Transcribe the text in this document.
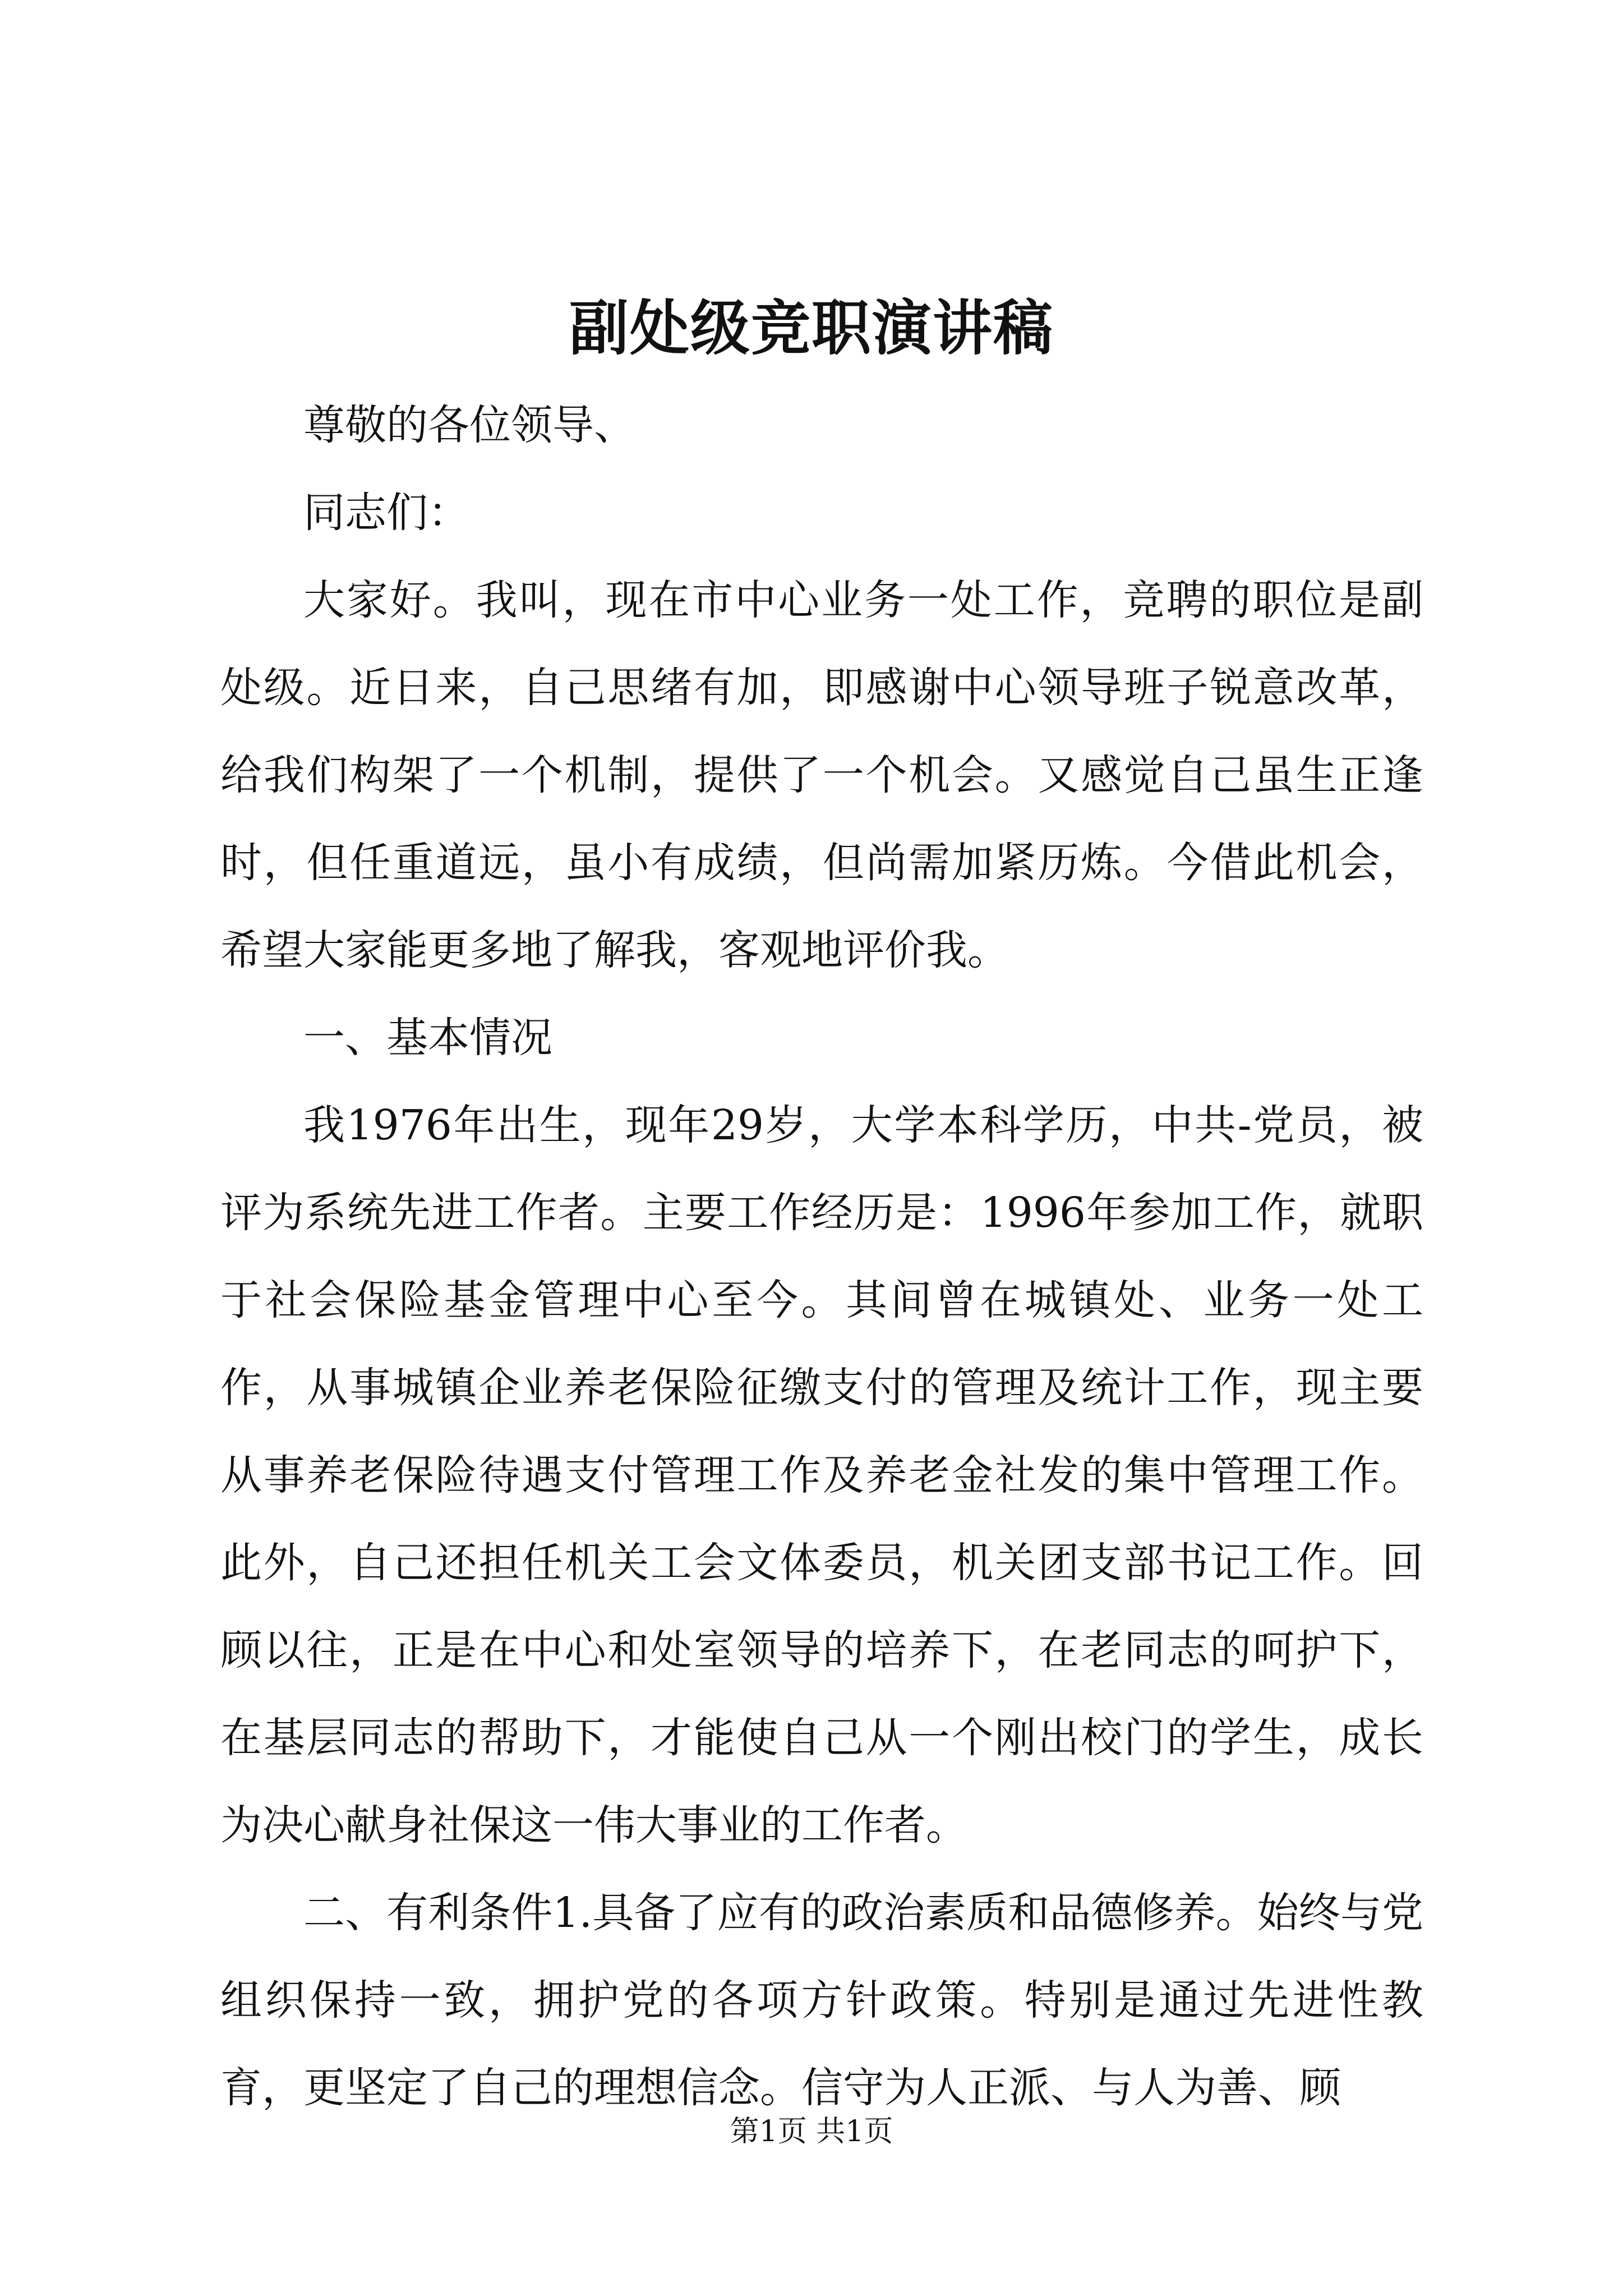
副处级竞职演讲稿

尊敬的各位领导、

同志们：

大家好。我叫，现在市中心业务一处工作，竞聘的职位是副处级。近日来，自己思绪有加，即感谢中心领导班子锐意改革，给我们构架了一个机制，提供了一个机会。又感觉自己虽生正逢时，但任重道远，虽小有成绩，但尚需加紧历炼。今借此机会，希望大家能更多地了解我，客观地评价我。

一、基本情况

我1976年出生，现年29岁，大学本科学历，中共-党员，被评为系统先进工作者。主要工作经历是：1996年参加工作，就职于社会保险基金管理中心至今。其间曾在城镇处、业务一处工作，从事城镇企业养老保险征缴支付的管理及统计工作，现主要从事养老保险待遇支付管理工作及养老金社发的集中管理工作。此外，自己还担任机关工会文体委员，机关团支部书记工作。回顾以往，正是在中心和处室领导的培养下，在老同志的呵护下，在基层同志的帮助下，才能使自己从一个刚出校门的学生，成长为决心献身社保这一伟大事业的工作者。

二、有利条件1.具备了应有的政治素质和品德修养。始终与党组织保持一致，拥护党的各项方针政策。特别是通过先进性教育，更坚定了自己的理想信念。信守为人正派、与人为善、顾

第1页 共1页
